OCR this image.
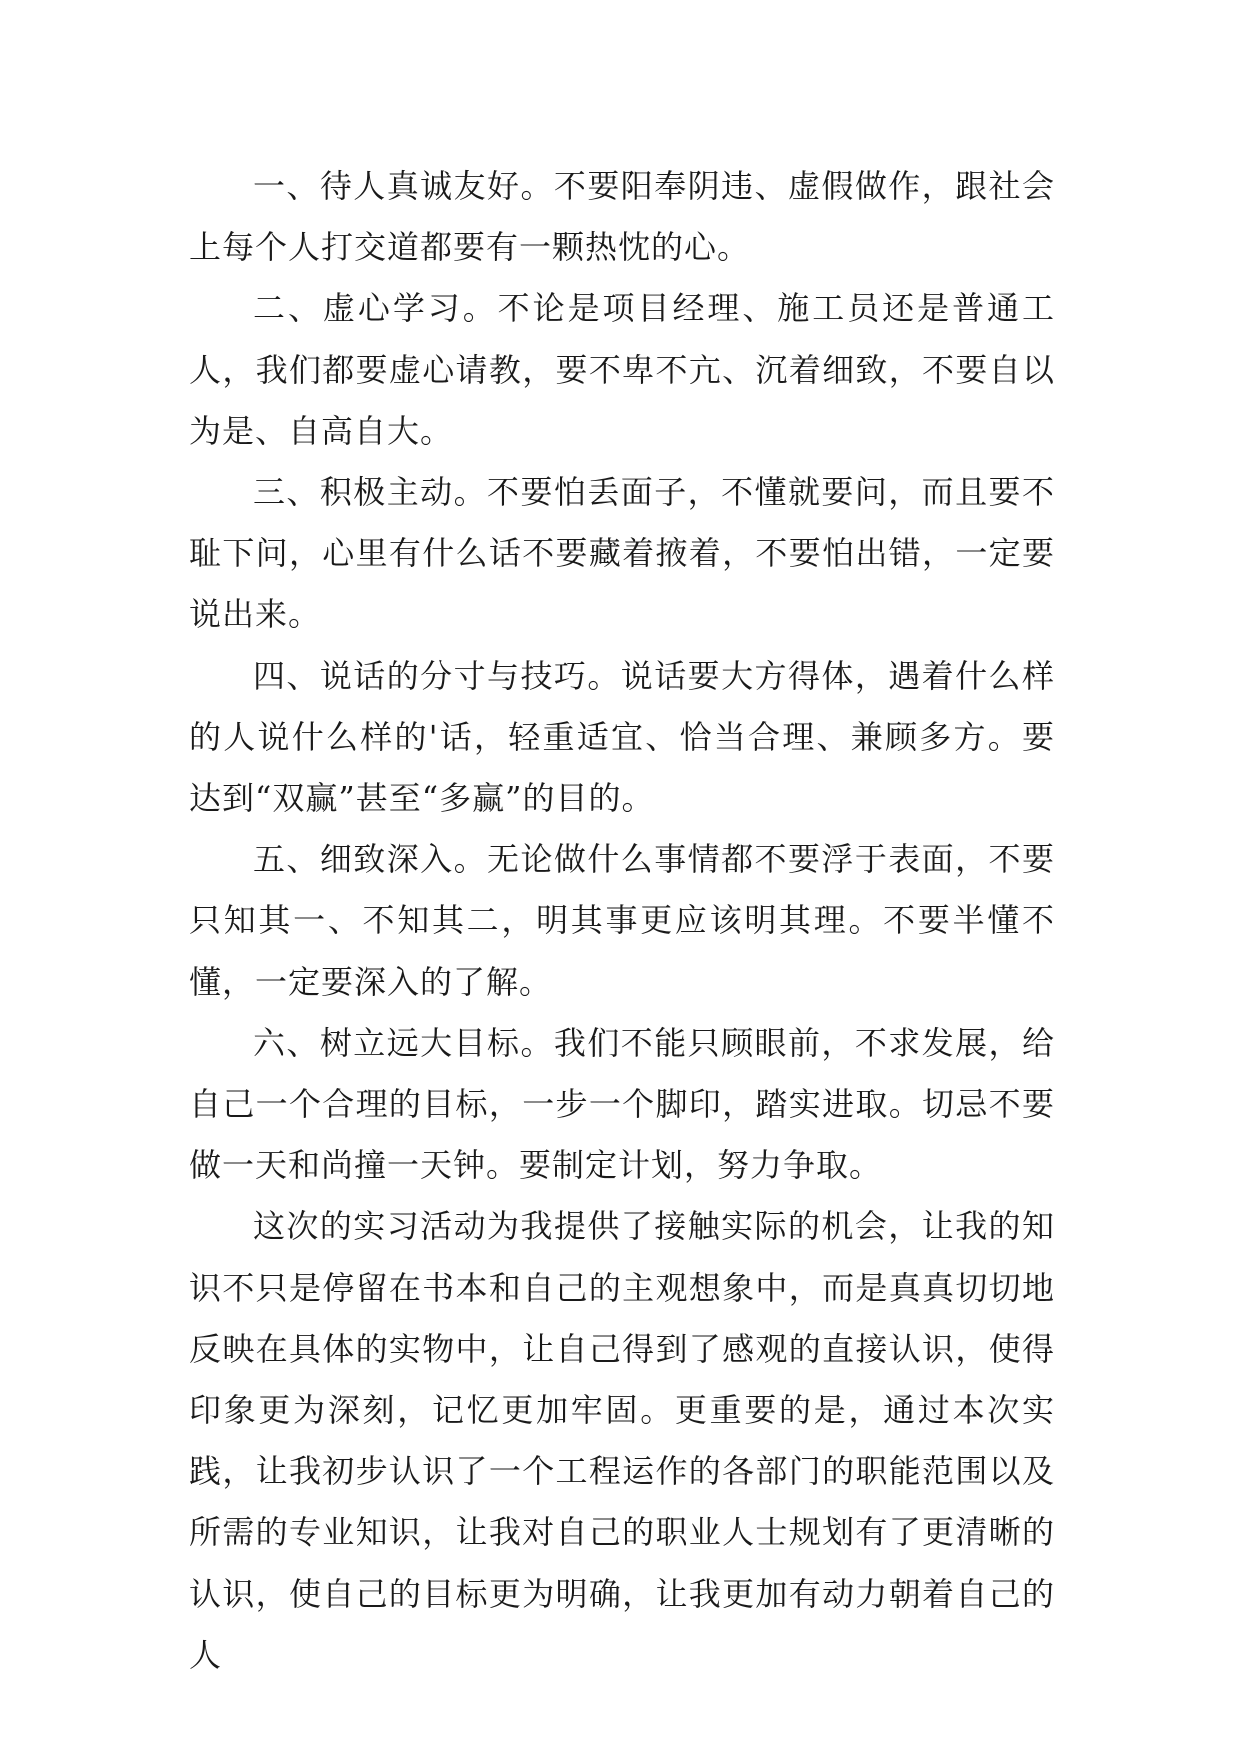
一、待人真诚友好。不要阳奉阴违、虚假做作，跟社会上每个人打交道都要有一颗热忱的心。

二、虚心学习。不论是项目经理、施工员还是普通工人，我们都要虚心请教，要不卑不亢、沉着细致，不要自以为是、自高自大。

三、积极主动。不要怕丢面子，不懂就要问，而且要不耻下问，心里有什么话不要藏着掖着，不要怕出错，一定要说出来。

四、说话的分寸与技巧。说话要大方得体，遇着什么样的人说什么样的'话，轻重适宜、恰当合理、兼顾多方。要达到“双赢”甚至“多赢”的目的。

五、细致深入。无论做什么事情都不要浮于表面，不要只知其一、不知其二，明其事更应该明其理。不要半懂不懂，一定要深入的了解。

六、树立远大目标。我们不能只顾眼前，不求发展，给自己一个合理的目标，一步一个脚印，踏实进取。切忌不要做一天和尚撞一天钟。要制定计划，努力争取。

这次的实习活动为我提供了接触实际的机会，让我的知识不只是停留在书本和自己的主观想象中，而是真真切切地反映在具体的实物中，让自己得到了感观的直接认识，使得印象更为深刻，记忆更加牢固。更重要的是，通过本次实践，让我初步认识了一个工程运作的各部门的职能范围以及所需的专业知识，让我对自己的职业人士规划有了更清晰的认识，使自己的目标更为明确，让我更加有动力朝着自己的人
